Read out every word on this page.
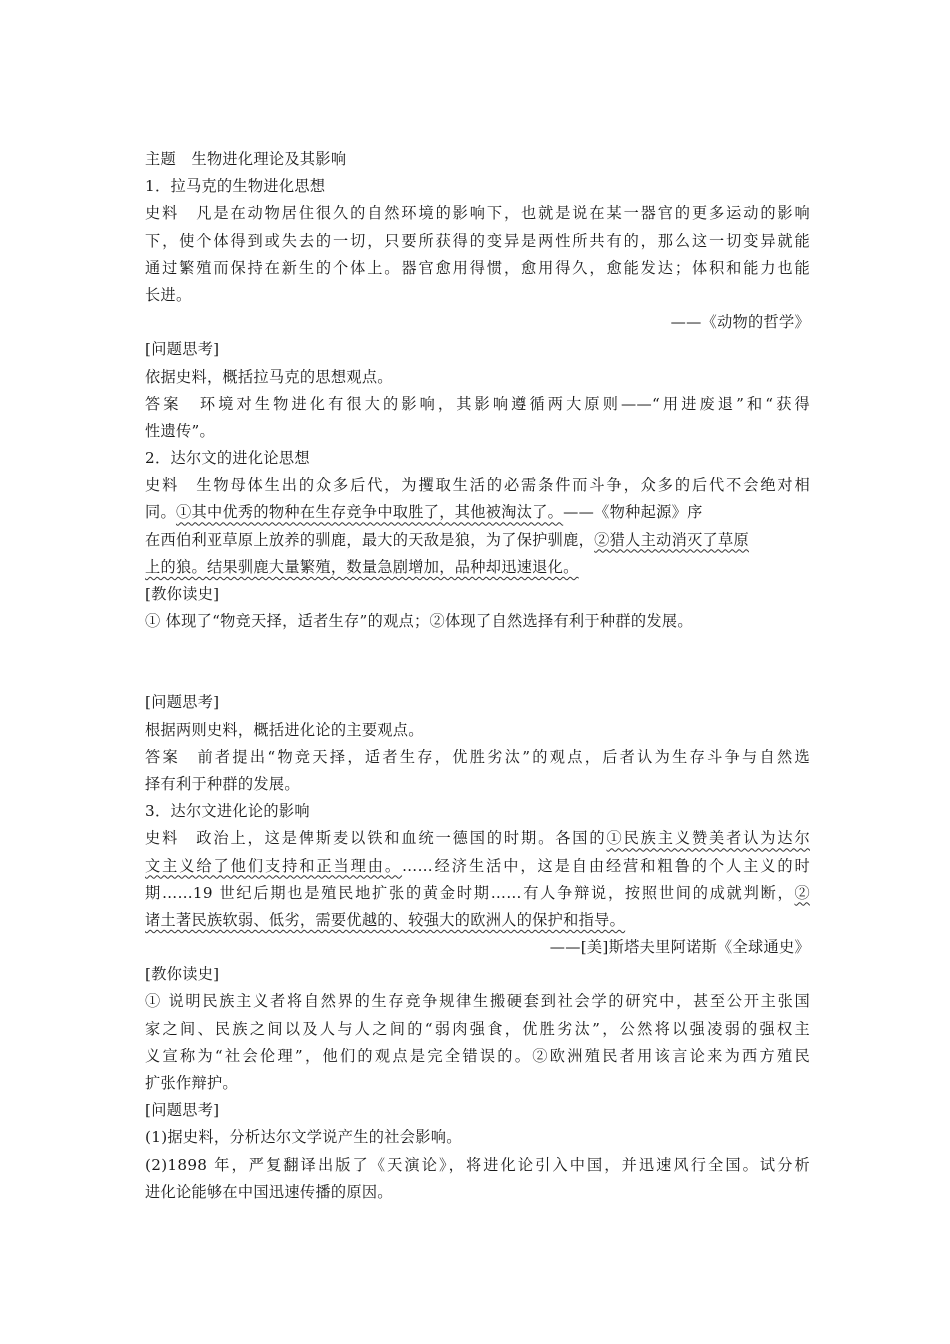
主题　生物进化理论及其影响
1．拉马克的生物进化思想
史料　凡是在动物居住很久的自然环境的影响下，也就是说在某一器官的更多运动的影响
下，使个体得到或失去的一切，只要所获得的变异是两性所共有的，那么这一切变异就能
通过繁殖而保持在新生的个体上。器官愈用得惯，愈用得久，愈能发达；体积和能力也能
长进。
——《动物的哲学》
[问题思考]
依据史料，概括拉马克的思想观点。
答案　环境对生物进化有很大的影响，其影响遵循两大原则——“用进废退”和“获得
性遗传”。
2．达尔文的进化论思想
史料　生物母体生出的众多后代，为攫取生活的必需条件而斗争，众多的后代不会绝对相
同。①其中优秀的物种在生存竞争中取胜了，其他被淘汰了。——《物种起源》序
在西伯利亚草原上放养的驯鹿，最大的天敌是狼，为了保护驯鹿，②猎人主动消灭了草原
上的狼。结果驯鹿大量繁殖，数量急剧增加，品种却迅速退化。
[教你读史]
① 体现了“物竞天择，适者生存”的观点；②体现了自然选择有利于种群的发展。
[问题思考]
根据两则史料，概括进化论的主要观点。
答案　前者提出“物竞天择，适者生存，优胜劣汰”的观点，后者认为生存斗争与自然选
择有利于种群的发展。
3．达尔文进化论的影响
史料　政治上，这是俾斯麦以铁和血统一德国的时期。各国的①民族主义赞美者认为达尔
文主义给了他们支持和正当理由。……经济生活中，这是自由经营和粗鲁的个人主义的时
期……19 世纪后期也是殖民地扩张的黄金时期……有人争辩说，按照世间的成就判断，②
诸土著民族软弱、低劣，需要优越的、较强大的欧洲人的保护和指导。
——[美]斯塔夫里阿诺斯《全球通史》
[教你读史]
① 说明民族主义者将自然界的生存竞争规律生搬硬套到社会学的研究中，甚至公开主张国
家之间、民族之间以及人与人之间的“弱肉强食，优胜劣汰”，公然将以强凌弱的强权主
义宣称为“社会伦理”，他们的观点是完全错误的。②欧洲殖民者用该言论来为西方殖民
扩张作辩护。
[问题思考]
(1)据史料，分析达尔文学说产生的社会影响。
(2)1898 年，严复翻译出版了《天演论》，将进化论引入中国，并迅速风行全国。试分析
进化论能够在中国迅速传播的原因。
